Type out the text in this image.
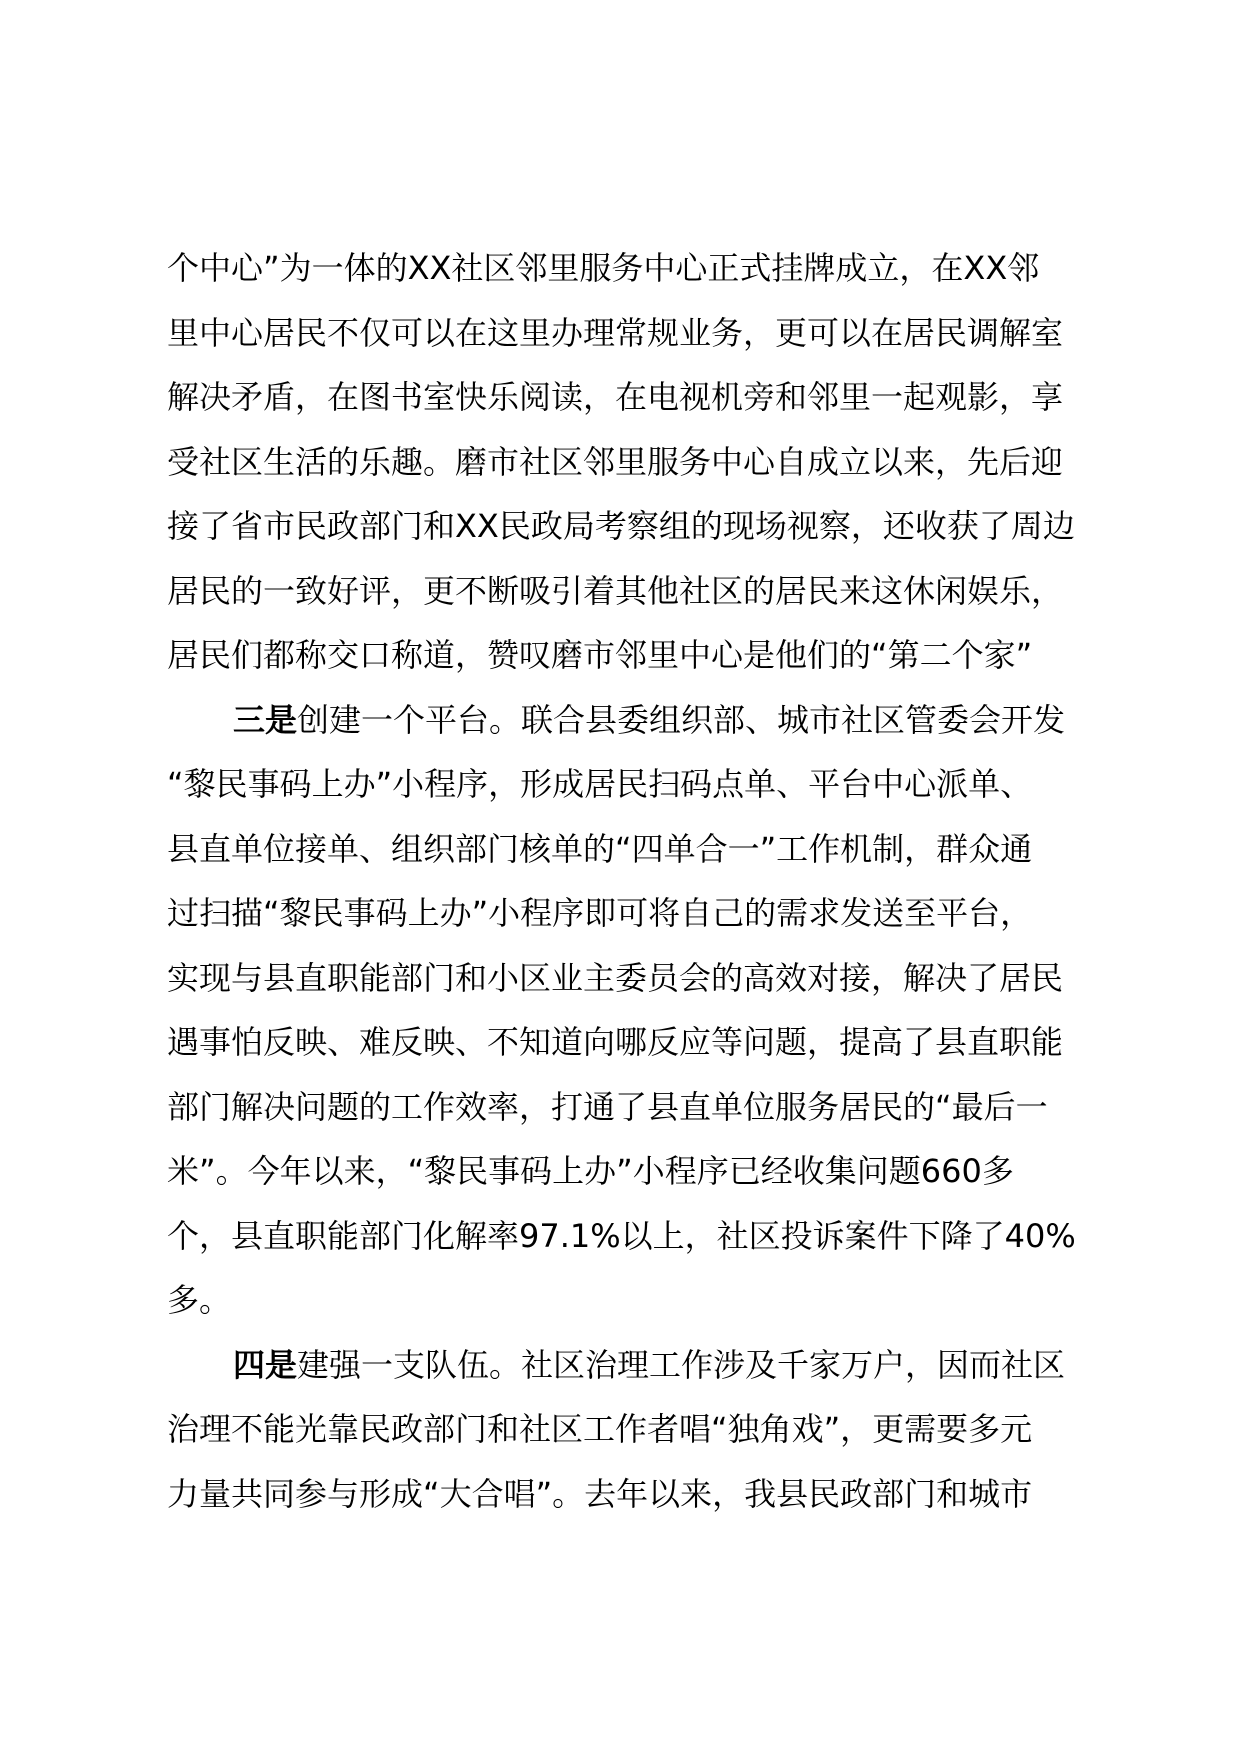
个中心”为一体的XX社区邻里服务中心正式挂牌成立，在XX邻
里中心居民不仅可以在这里办理常规业务，更可以在居民调解室
解决矛盾，在图书室快乐阅读，在电视机旁和邻里一起观影，享
受社区生活的乐趣。磨市社区邻里服务中心自成立以来，先后迎
接了省市民政部门和XX民政局考察组的现场视察，还收获了周边
居民的一致好评，更不断吸引着其他社区的居民来这休闲娱乐，
居民们都称交口称道，赞叹磨市邻里中心是他们的“第二个家”
三是创建一个平台。联合县委组织部、城市社区管委会开发
“黎民事码上办”小程序，形成居民扫码点单、平台中心派单、
县直单位接单、组织部门核单的“四单合一”工作机制，群众通
过扫描“黎民事码上办”小程序即可将自己的需求发送至平台，
实现与县直职能部门和小区业主委员会的高效对接，解决了居民
遇事怕反映、难反映、不知道向哪反应等问题，提高了县直职能
部门解决问题的工作效率，打通了县直单位服务居民的“最后一
米”。今年以来，“黎民事码上办”小程序已经收集问题660多
个，县直职能部门化解率97.1%以上，社区投诉案件下降了40%
多。
四是建强一支队伍。社区治理工作涉及千家万户，因而社区
治理不能光靠民政部门和社区工作者唱“独角戏”，更需要多元
力量共同参与形成“大合唱”。去年以来，我县民政部门和城市
